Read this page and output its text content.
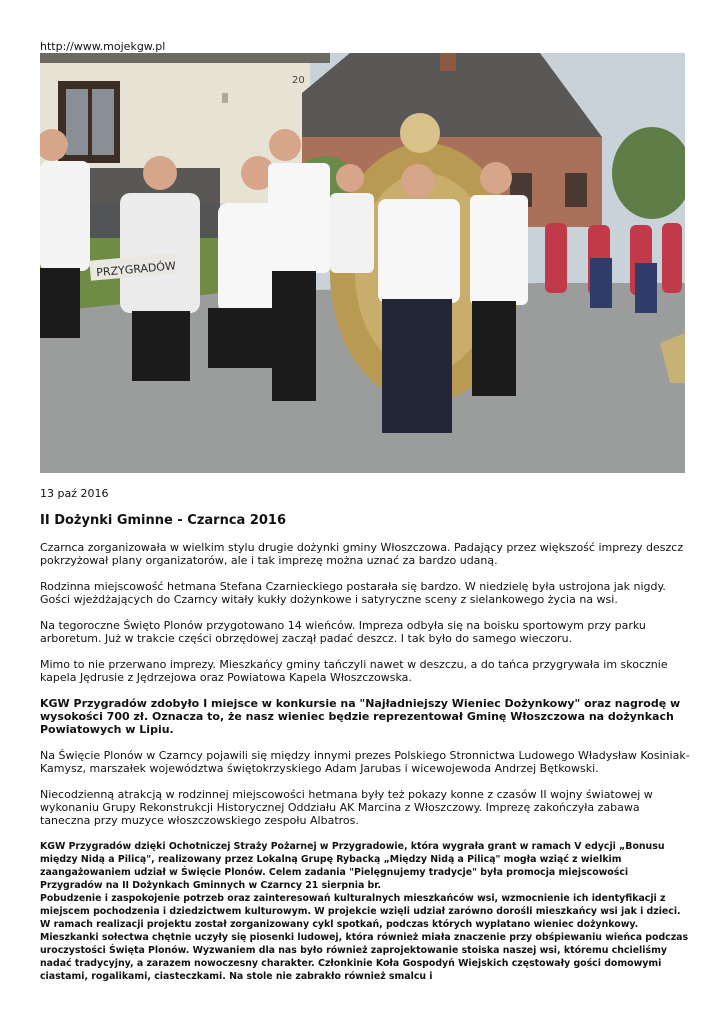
http://www.mojekgw.pl
20
PRZYGRADÓW
13 paź 2016
II Dożynki Gminne - Czarnca 2016

Czarnca zorganizowała w wielkim stylu drugie dożynki gminy Włoszczowa. Padający przez większość imprezy deszcz pokrzyżował plany organizatorów, ale i tak imprezę można uznać za bardzo udaną.

Rodzinna miejscowość hetmana Stefana Czarnieckiego postarała się bardzo. W niedzielę była ustrojona jak nigdy. Gości wjeżdżających do Czarncy witały kukły dożynkowe i satyryczne sceny z sielankowego życia na wsi.

Na tegoroczne Święto Plonów przygotowano 14 wieńców. Impreza odbyła się na boisku sportowym przy parku arboretum. Już w trakcie części obrzędowej zaczął padać deszcz. I tak było do samego wieczoru.

Mimo to nie przerwano imprezy. Mieszkańcy gminy tańczyli nawet w deszczu, a do tańca przygrywała im skocznie kapela Jędrusie z Jędrzejowa oraz Powiatowa Kapela Włoszczowska.

KGW Przygradów zdobyło I miejsce w konkursie na "Najładniejszy Wieniec Dożynkowy" oraz nagrodę w wysokości 700 zł. Oznacza to, że nasz wieniec będzie reprezentował Gminę Włoszczowa na dożynkach Powiatowych w Lipiu.

Na Święcie Plonów w Czarncy pojawili się między innymi prezes Polskiego Stronnictwa Ludowego Władysław Kosiniak-Kamysz, marszałek województwa świętokrzyskiego Adam Jarubas i wicewojewoda Andrzej Bętkowski.

Niecodzienną atrakcją w rodzinnej miejscowości hetmana były też pokazy konne z czasów II wojny światowej w wykonaniu Grupy Rekonstrukcji Historycznej Oddziału AK Marcina z Włoszczowy. Imprezę zakończyła zabawa taneczna przy muzyce włoszczowskiego zespołu Albatros.

KGW Przygradów dzięki Ochotniczej Straży Pożarnej w Przygradowie, która wygrała grant w ramach V edycji „Bonusu między Nidą a Pilicą", realizowany przez Lokalną Grupę Rybacką „Między Nidą a Pilicą" mogła wziąć z wielkim zaangażowaniem udział w Święcie Plonów. Celem zadania "Pielęgnujemy tradycje" była promocja miejscowości Przygradów na II Dożynkach Gminnych w Czarncy 21 sierpnia br.
Pobudzenie i zaspokojenie potrzeb oraz zainteresowań kulturalnych mieszkańców wsi, wzmocnienie ich identyfikacji z miejscem pochodzenia i dziedzictwem kulturowym. W projekcie wzięli udział zarówno dorośli mieszkańcy wsi jak i dzieci. W ramach realizacji projektu został zorganizowany cykl spotkań, podczas których wyplatano wieniec dożynkowy. Mieszkanki sołectwa chętnie uczyły się piosenki ludowej, która również miała znaczenie przy obśpiewaniu wieńca podczas uroczystości Święta Plonów. Wyzwaniem dla nas było również zaprojektowanie stoiska naszej wsi, któremu chcieliśmy nadać tradycyjny, a zarazem nowoczesny charakter. Członkinie Koła Gospodyń Wiejskich częstowały gości domowymi ciastami, rogalikami, ciasteczkami. Na stole nie zabrakło również smalcu i
